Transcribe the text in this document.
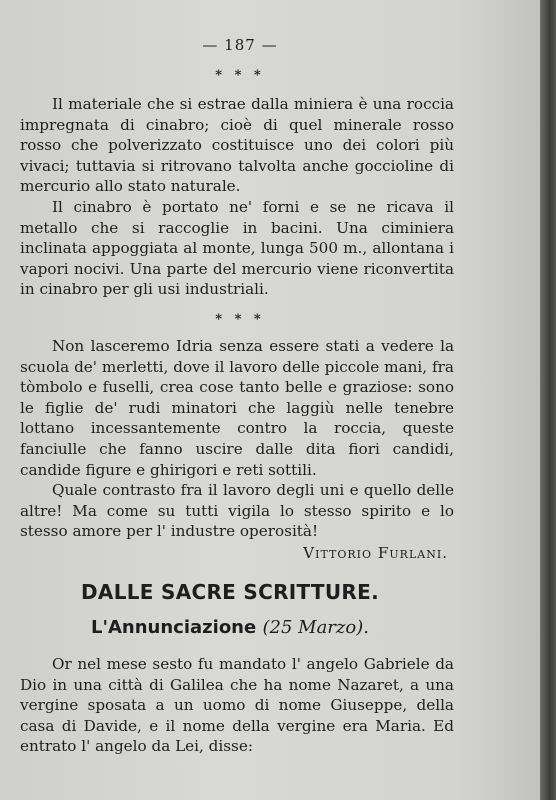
— 187 —
* * *

Il materiale che si estrae dalla miniera è una roccia impregnata di cinabro; cioè di quel minerale rosso rosso che polverizzato costituisce uno dei colori più vivaci; tuttavia si ritrovano talvolta anche goccioline di mercurio allo stato naturale.

Il cinabro è portato ne' forni e se ne ricava il metallo che si raccoglie in bacini. Una ciminiera inclinata appoggiata al monte, lunga 500 m., allontana i vapori nocivi. Una parte del mercurio viene riconvertita in cinabro per gli usi industriali.

* * *

Non lasceremo Idria senza essere stati a vedere la scuola de' merletti, dove il lavoro delle piccole mani, fra tòmbolo e fuselli, crea cose tanto belle e graziose: sono le figlie de' rudi minatori che laggiù nelle tenebre lottano incessantemente contro la roccia, queste fanciulle che fanno uscire dalle dita fiori candidi, candide figure e ghirigori e reti sottili.

Quale contrasto fra il lavoro degli uni e quello delle altre! Ma come su tutti vigila lo stesso spirito e lo stesso amore per l' industre operosità!

Vittorio Furlani.
DALLE SACRE SCRITTURE.
L'Annunciazione (25 Marzo).

Or nel mese sesto fu mandato l' angelo Gabriele da Dio in una città di Galilea che ha nome Nazaret, a una vergine sposata a un uomo di nome Giuseppe, della casa di Davide, e il nome della vergine era Maria. Ed entrato l' angelo da Lei, disse:
